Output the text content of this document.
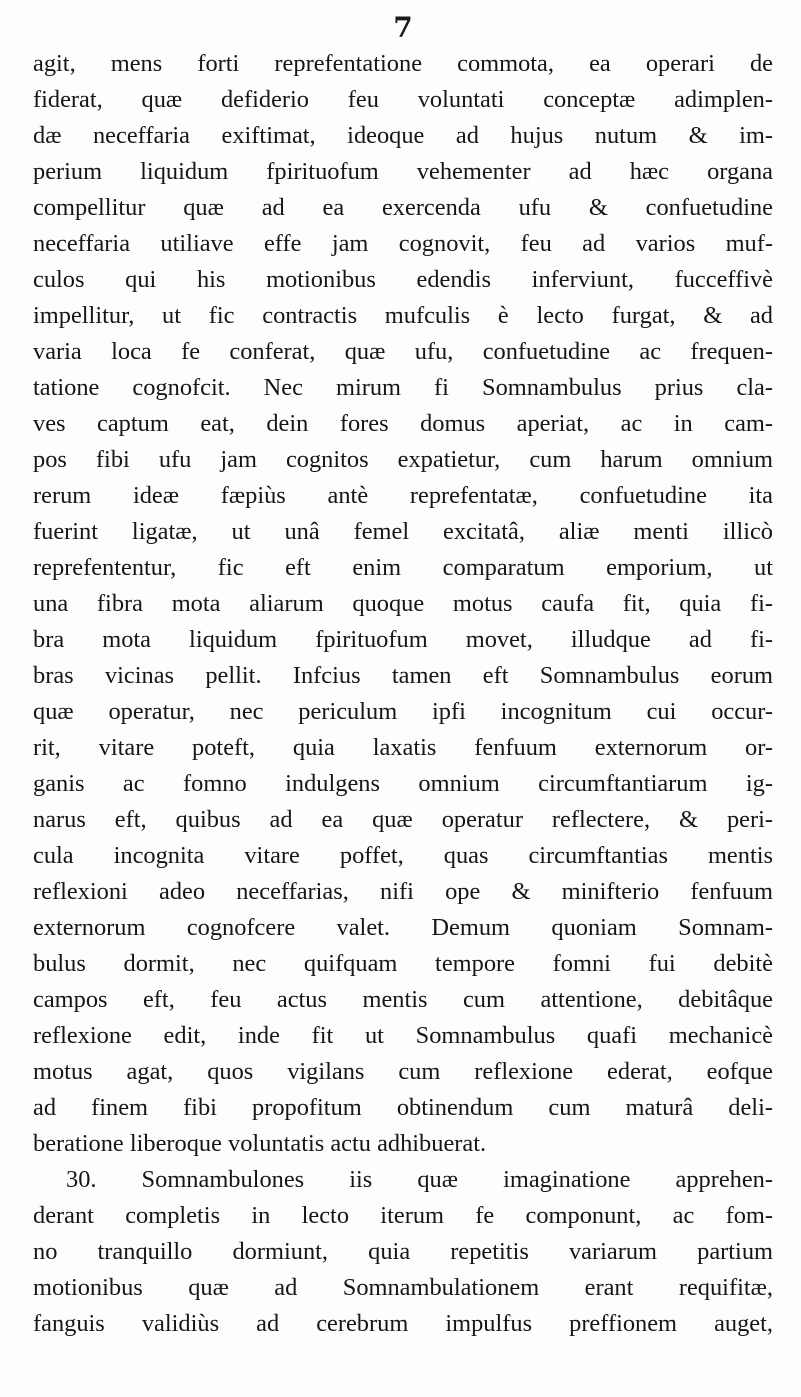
7
agit, mens forti reprefentatione commota, ea operari de
fiderat, quæ defiderio feu voluntati conceptæ adimplen-
dæ neceffaria exiftimat, ideoque ad hujus nutum & im-
perium liquidum fpirituofum vehementer ad hæc organa
compellitur quæ ad ea exercenda ufu & confuetudine
neceffaria utiliave effe jam cognovit, feu ad varios muf-
culos qui his motionibus edendis inferviunt, fucceffivè
impellitur, ut fic contractis mufculis è lecto furgat, & ad
varia loca fe conferat, quæ ufu, confuetudine ac frequen-
tatione cognofcit. Nec mirum fi Somnambulus prius cla-
ves captum eat, dein fores domus aperiat, ac in cam-
pos fibi ufu jam cognitos expatietur, cum harum omnium
rerum ideæ fæpiùs antè reprefentatæ, confuetudine ita
fuerint ligatæ, ut unâ femel excitatâ, aliæ menti illicò
reprefententur, fic eft enim comparatum emporium, ut
una fibra mota aliarum quoque motus caufa fit, quia fi-
bra mota liquidum fpirituofum movet, illudque ad fi-
bras vicinas pellit. Infcius tamen eft Somnambulus eorum
quæ operatur, nec periculum ipfi incognitum cui occur-
rit, vitare poteft, quia laxatis fenfuum externorum or-
ganis ac fomno indulgens omnium circumftantiarum ig-
narus eft, quibus ad ea quæ operatur reflectere, & peri-
cula incognita vitare poffet, quas circumftantias mentis
reflexioni adeo neceffarias, nifi ope & minifterio fenfuum
externorum cognofcere valet. Demum quoniam Somnam-
bulus dormit, nec quifquam tempore fomni fui debitè
campos eft, feu actus mentis cum attentione, debitâque
reflexione edit, inde fit ut Somnambulus quafi mechanicè
motus agat, quos vigilans cum reflexione ederat, eofque
ad finem fibi propofitum obtinendum cum maturâ deli-
beratione liberoque voluntatis actu adhibuerat.
30. Somnambulones iis quæ imaginatione apprehen-
derant completis in lecto iterum fe componunt, ac fom-
no tranquillo dormiunt, quia repetitis variarum partium
motionibus quæ ad Somnambulationem erant requifitæ,
fanguis validiùs ad cerebrum impulfus preffionem auget,
